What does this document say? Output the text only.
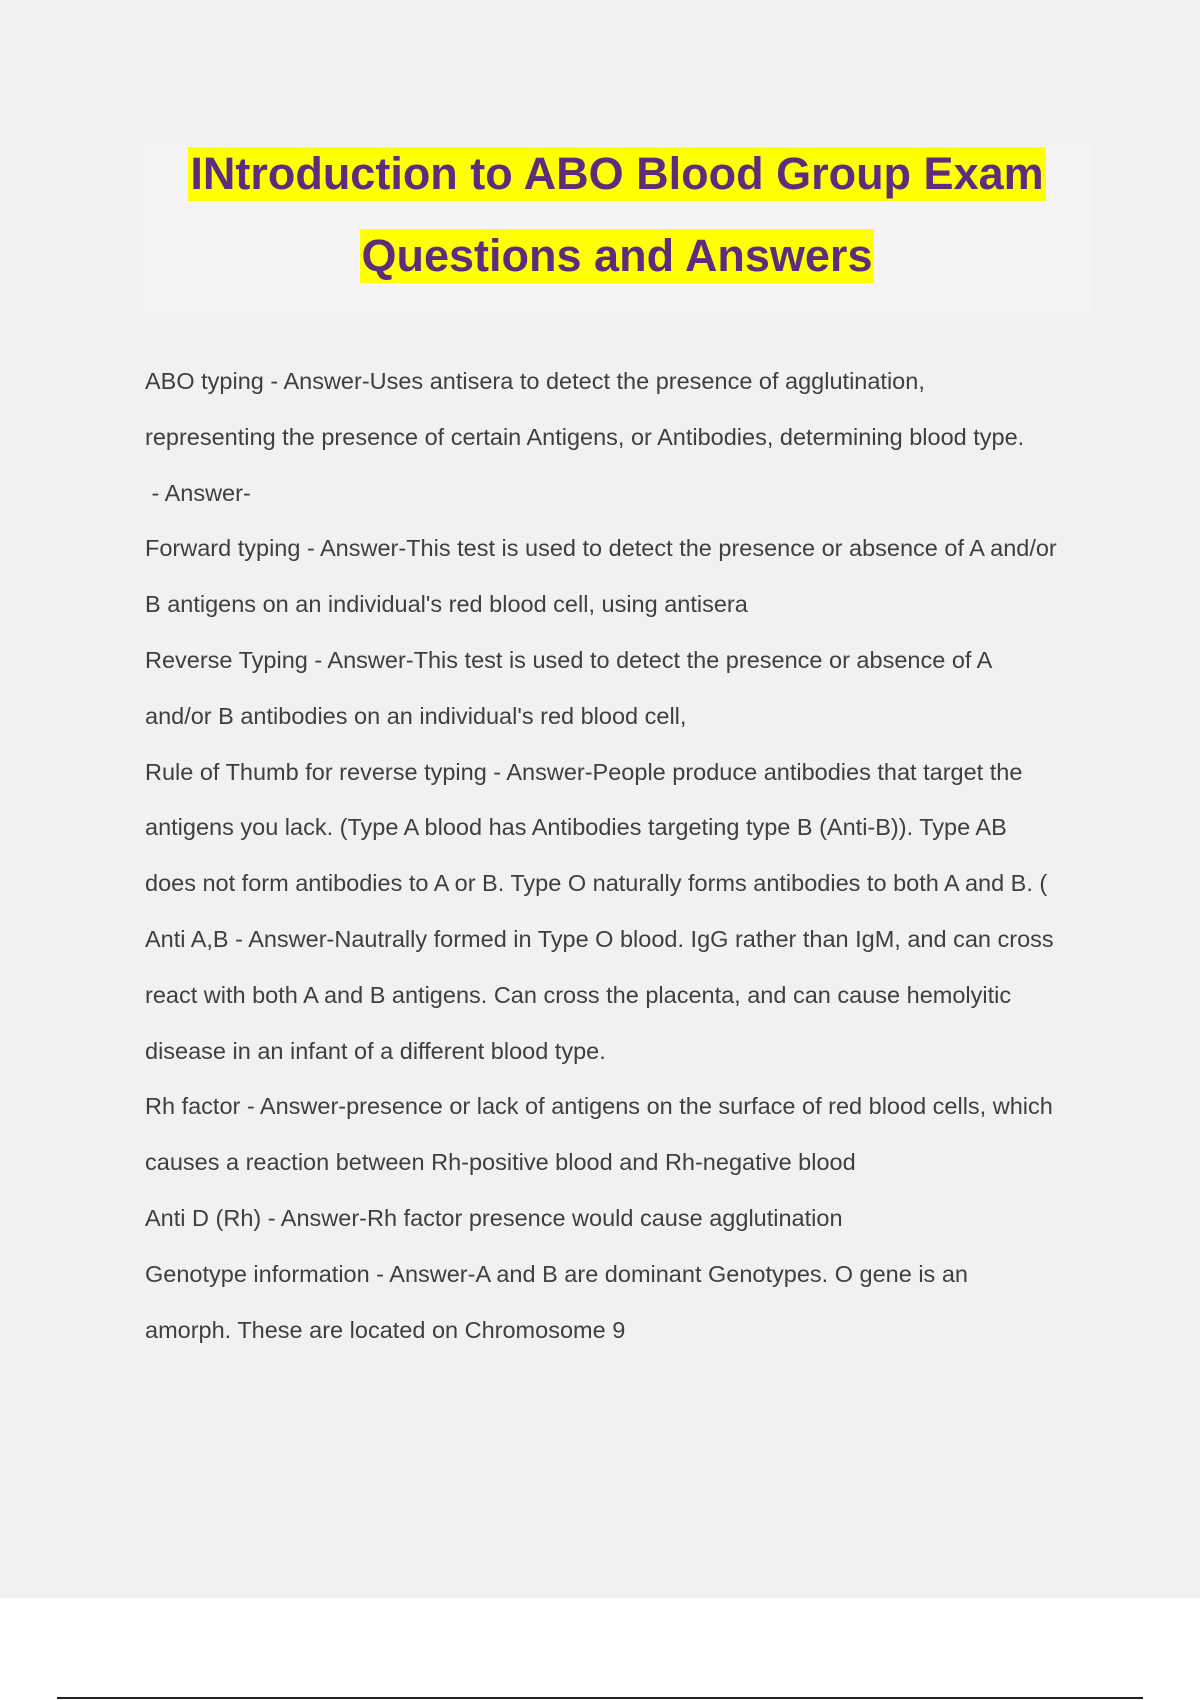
INtroduction to ABO Blood Group Exam
Questions and Answers

ABO typing - Answer-Uses antisera to detect the presence of agglutination,

representing the presence of certain Antigens, or Antibodies, determining blood type.

- Answer-

Forward typing - Answer-This test is used to detect the presence or absence of A and/or

B antigens on an individual's red blood cell, using antisera

Reverse Typing - Answer-This test is used to detect the presence or absence of A

and/or B antibodies on an individual's red blood cell,

Rule of Thumb for reverse typing - Answer-People produce antibodies that target the

antigens you lack. (Type A blood has Antibodies targeting type B (Anti-B)). Type AB

does not form antibodies to A or B. Type O naturally forms antibodies to both A and B. (

Anti A,B - Answer-Nautrally formed in Type O blood. IgG rather than IgM, and can cross

react with both A and B antigens. Can cross the placenta, and can cause hemolyitic

disease in an infant of a different blood type.

Rh factor - Answer-presence or lack of antigens on the surface of red blood cells, which

causes a reaction between Rh-positive blood and Rh-negative blood

Anti D (Rh) - Answer-Rh factor presence would cause agglutination

Genotype information - Answer-A and B are dominant Genotypes. O gene is an

amorph. These are located on Chromosome 9
